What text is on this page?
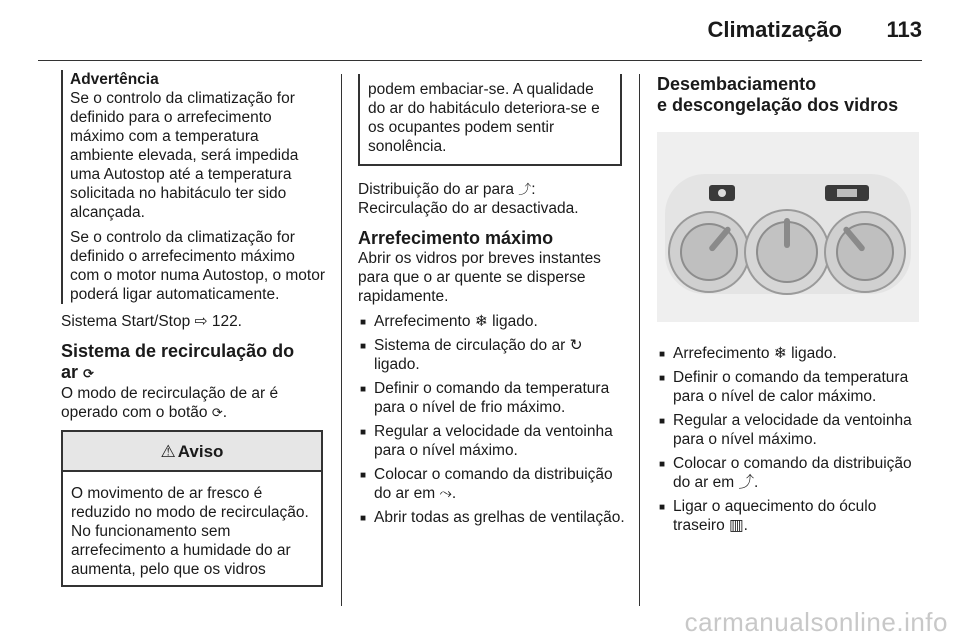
Climatização 113
Advertência
Se o controlo da climatização for definido para o arrefecimento máximo com a temperatura ambiente elevada, será impedida uma Autostop até a temperatura solicitada no habitáculo ter sido alcançada.
Se o controlo da climatização for definido o arrefecimento máximo com o motor numa Autostop, o motor poderá ligar automaticamente.
Sistema Start/Stop ⇨ 122.
Sistema de recirculação do
ar ⟳
O modo de recirculação de ar é operado com o botão ⟳.
⚠ Aviso
O movimento de ar fresco é reduzido no modo de recirculação. No funcionamento sem arrefecimento a humidade do ar aumenta, pelo que os vidros
podem embaciar-se. A qualidade do ar do habitáculo deteriora-se e os ocupantes podem sentir sonolência.
Distribuição do ar para ⤴:
Recirculação do ar desactivada.
Arrefecimento máximo
Abrir os vidros por breves instantes para que o ar quente se disperse rapidamente.
■ Arrefecimento ❄ ligado.
■ Sistema de circulação do ar ↻ ligado.
■ Definir o comando da temperatura para o nível de frio máximo.
■ Regular a velocidade da ventoinha para o nível máximo.
■ Colocar o comando da distribuição do ar em ⤳.
■ Abrir todas as grelhas de ventilação.
Desembaciamento
e descongelação dos vidros
■ Arrefecimento ❄ ligado.
■ Definir o comando da temperatura para o nível de calor máximo.
■ Regular a velocidade da ventoinha para o nível máximo.
■ Colocar o comando da distribuição do ar em ⤴.
■ Ligar o aquecimento do óculo traseiro ▥.
carmanualsonline.info
